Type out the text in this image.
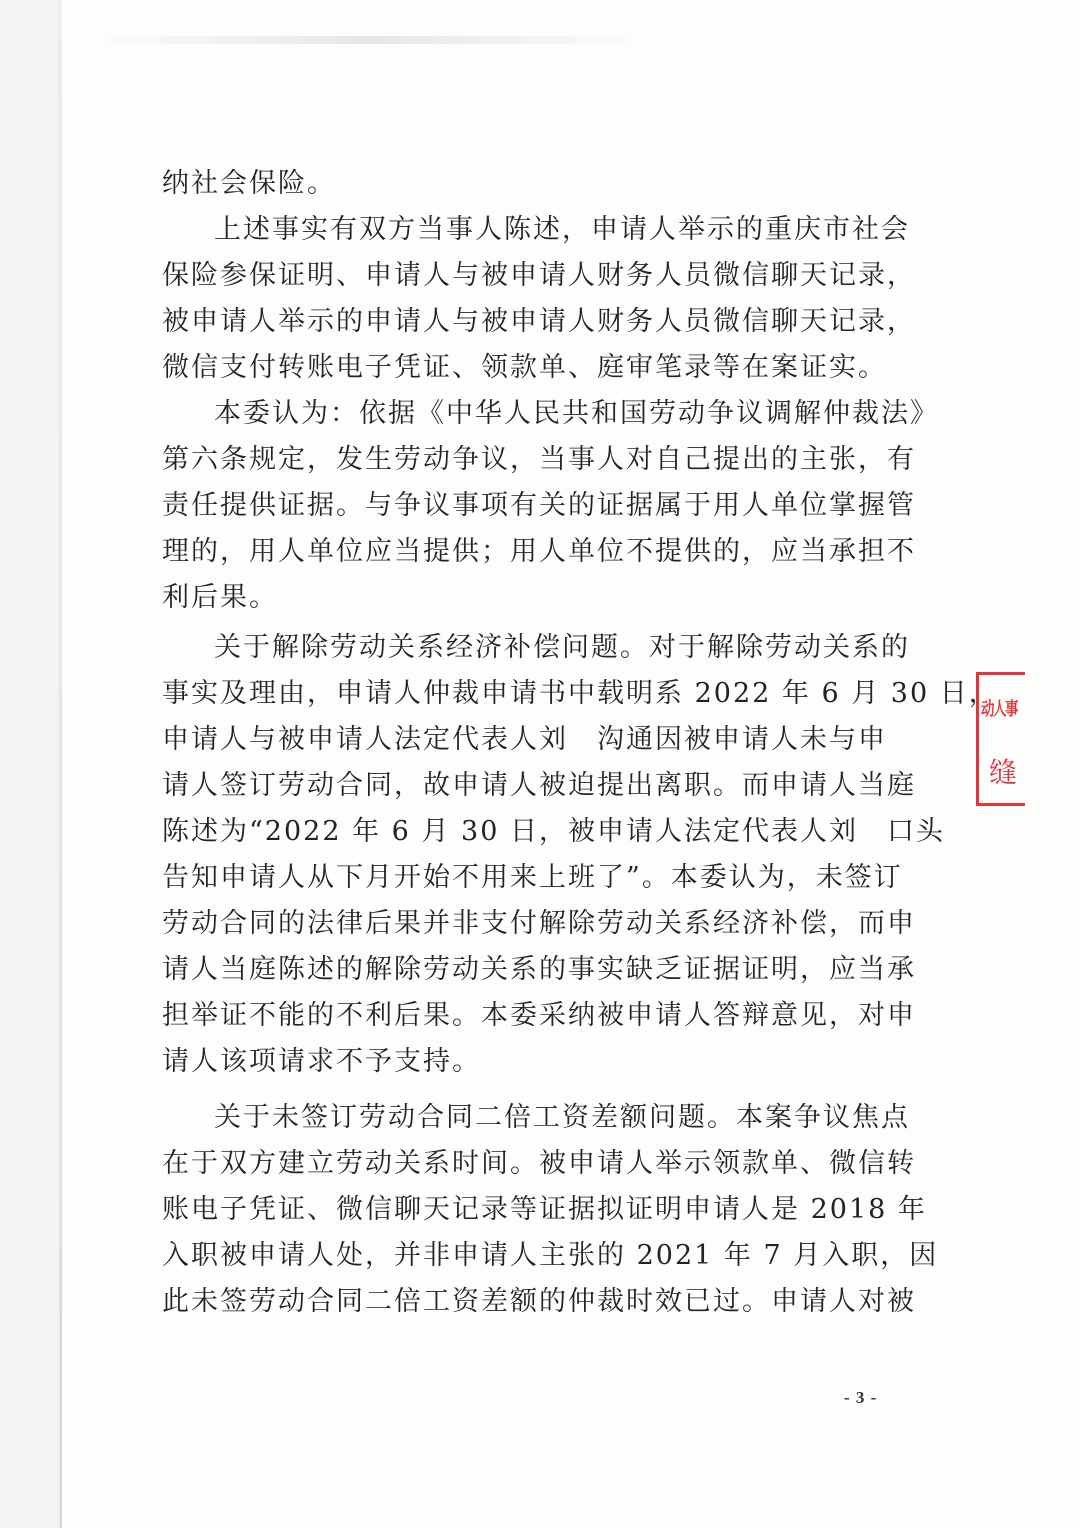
纳社会保险。

上述事实有双方当事人陈述，申请人举示的重庆市社会

保险参保证明、申请人与被申请人财务人员微信聊天记录，

被申请人举示的申请人与被申请人财务人员微信聊天记录，

微信支付转账电子凭证、领款单、庭审笔录等在案证实。

本委认为：依据《中华人民共和国劳动争议调解仲裁法》

第六条规定，发生劳动争议，当事人对自己提出的主张，有

责任提供证据。与争议事项有关的证据属于用人单位掌握管

理的，用人单位应当提供；用人单位不提供的，应当承担不

利后果。

关于解除劳动关系经济补偿问题。对于解除劳动关系的

事实及理由，申请人仲裁申请书中载明系 2022 年 6 月 30 日，

申请人与被申请人法定代表人刘　沟通因被申请人未与申

请人签订劳动合同，故申请人被迫提出离职。而申请人当庭

陈述为“2022 年 6 月 30 日，被申请人法定代表人刘　口头

告知申请人从下月开始不用来上班了”。本委认为，未签订

劳动合同的法律后果并非支付解除劳动关系经济补偿，而申

请人当庭陈述的解除劳动关系的事实缺乏证据证明，应当承

担举证不能的不利后果。本委采纳被申请人答辩意见，对申

请人该项请求不予支持。

关于未签订劳动合同二倍工资差额问题。本案争议焦点

在于双方建立劳动关系时间。被申请人举示领款单、微信转

账电子凭证、微信聊天记录等证据拟证明申请人是 2018 年

入职被申请人处，并非申请人主张的 2021 年 7 月入职，因

此未签劳动合同二倍工资差额的仲裁时效已过。申请人对被

- 3 -
动人事
缝
